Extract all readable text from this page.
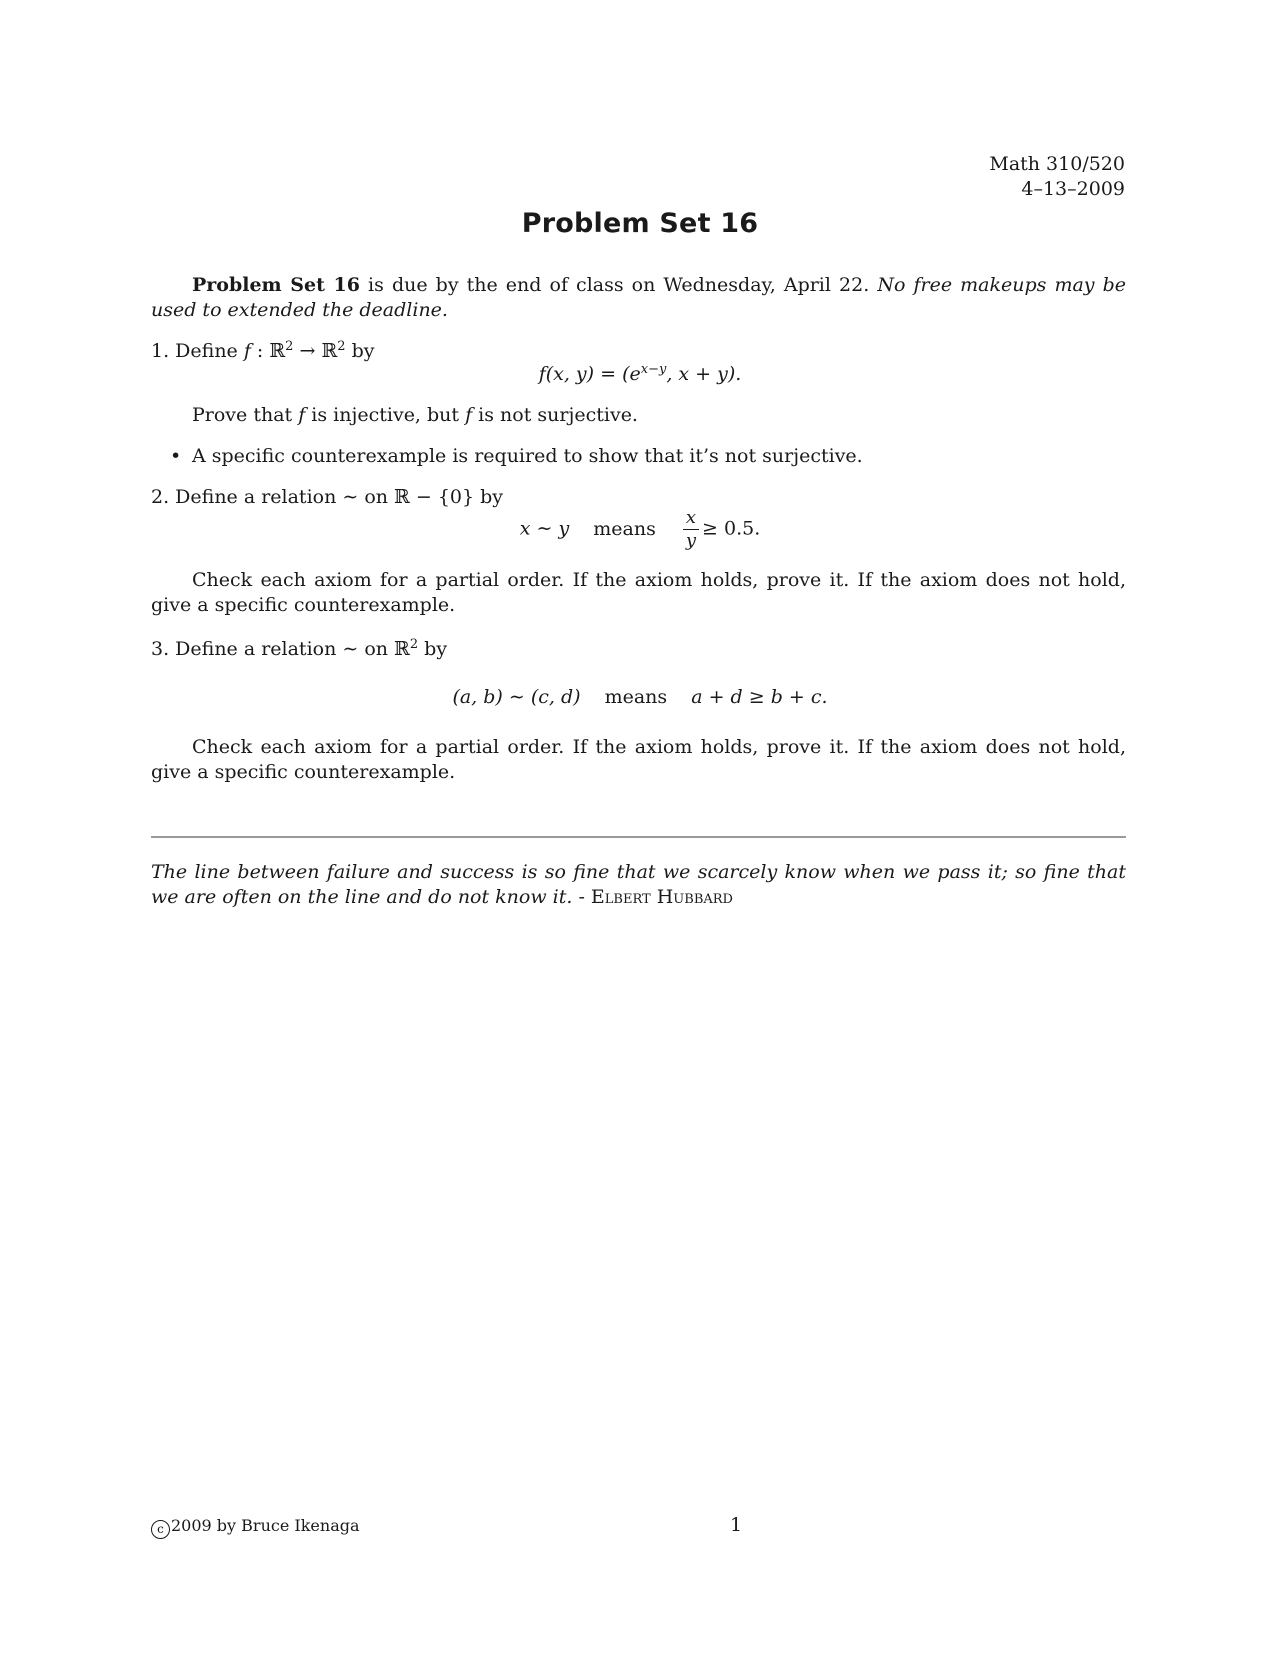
Math 310/520
4–13–2009
Problem Set 16
Problem Set 16 is due by the end of class on Wednesday, April 22. No free makeups may be used to extended the deadline.
1. Define f : ℝ$^2$ → ℝ$^2$ by
f(x, $y) = (e^{x-y}$, x + y).
Prove that f is injective, but f is not surjective.
• A specific counterexample is required to show that it’s not surjective.
2. Define a relation ∼ on ℝ − {0} by
x ∼ y means $\frac{x}{y} \ge 0.5$.
Check each axiom for a partial order. If the axiom holds, prove it. If the axiom does not hold, give a specific counterexample.
3. Define a relation ∼ on ℝ$^2$ by
(a, b) ∼ (c, d) means a + d ≥ b + c.
Check each axiom for a partial order. If the axiom holds, prove it. If the axiom does not hold, give a specific counterexample.
The line between failure and success is so fine that we scarcely know when we pass it; so fine that we are often on the line and do not know it. - Elbert Hubbard
c 2009 by Bruce Ikenaga	1
